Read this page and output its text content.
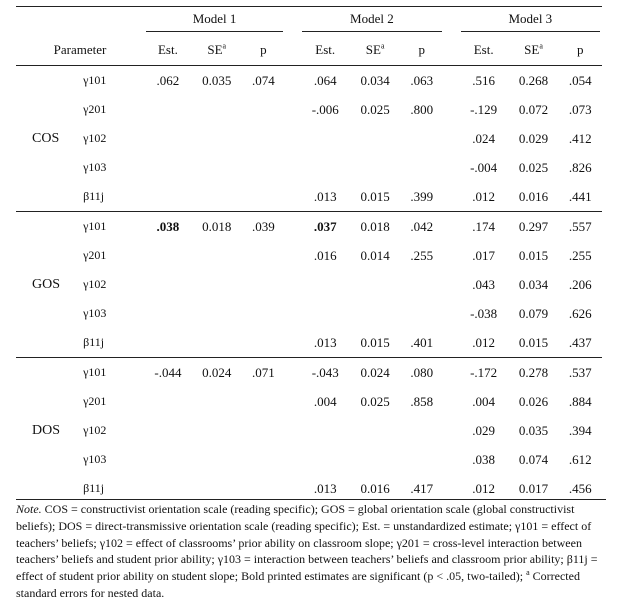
		Model 1				Model 2				Model 3		

Parameter		Est.	$SE^a$	p		Est.	$SE^a$	p		Est.	$SE^a$	p
COS	γ101	.062	0.035	.074		.064	0.034	.063		.516	0.268	.054
	γ201					-.006	0.025	.800		-.129	0.072	.073
	γ102									.024	0.029	.412
	γ103									-.004	0.025	.826
	β11j					.013	0.015	.399		.012	0.016	.441
GOS	γ101	.038	0.018	.039		.037	0.018	.042		.174	0.297	.557
	γ201					.016	0.014	.255		.017	0.015	.255
	γ102									.043	0.034	.206
	γ103									-.038	0.079	.626
	β11j					.013	0.015	.401		.012	0.015	.437
DOS	γ101	-.044	0.024	.071		-.043	0.024	.080		-.172	0.278	.537
	γ201					.004	0.025	.858		.004	0.026	.884
	γ102									.029	0.035	.394
	γ103									.038	0.074	.612
	β11j					.013	0.016	.417		.012	0.017	.456
Note. COS = constructivist orientation scale (reading specific); GOS = global orientation scale (global constructivist beliefs); DOS = direct-transmissive orientation scale (reading specific); Est. = unstandardized estimate; γ101 = effect of teachers’ beliefs; γ102 = effect of classrooms’ prior ability on classroom slope; γ201 = cross-level interaction between teachers’ beliefs and student prior ability; γ103 = interaction between teachers’ beliefs and classroom prior ability; β11j = effect of student prior ability on student slope; Bold printed estimates are significant (p < .05, two-tailed); $^a$ Corrected standard errors for nested data.
